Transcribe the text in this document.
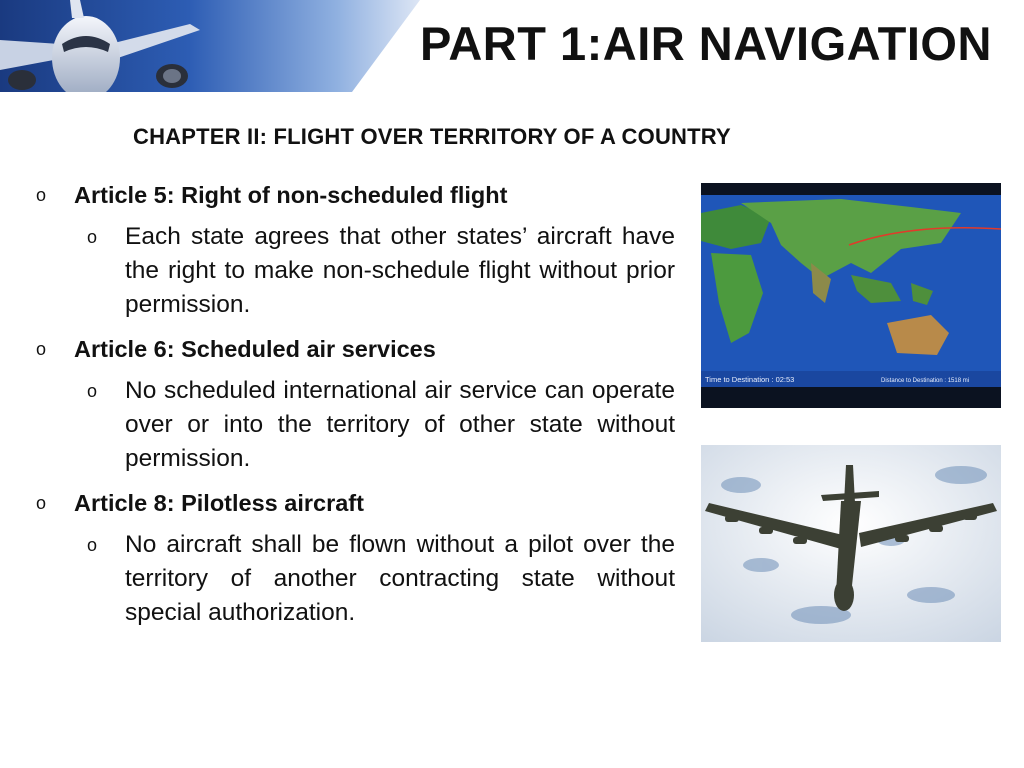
PART 1:AIR NAVIGATION
CHAPTER II: FLIGHT OVER TERRITORY OF A COUNTRY
o Article 5: Right of non-scheduled flight
o Each state agrees that other states’ aircraft have the right to make non-schedule flight without prior permission.
o Article 6: Scheduled air services
o No scheduled international air service can operate over or into the territory of other state without permission.
o Article 8: Pilotless aircraft
o No aircraft shall be flown without a pilot over the territory of another contracting state without special authorization.
Time to Destination : 02:53	Distance to Destination : 1518 mi
